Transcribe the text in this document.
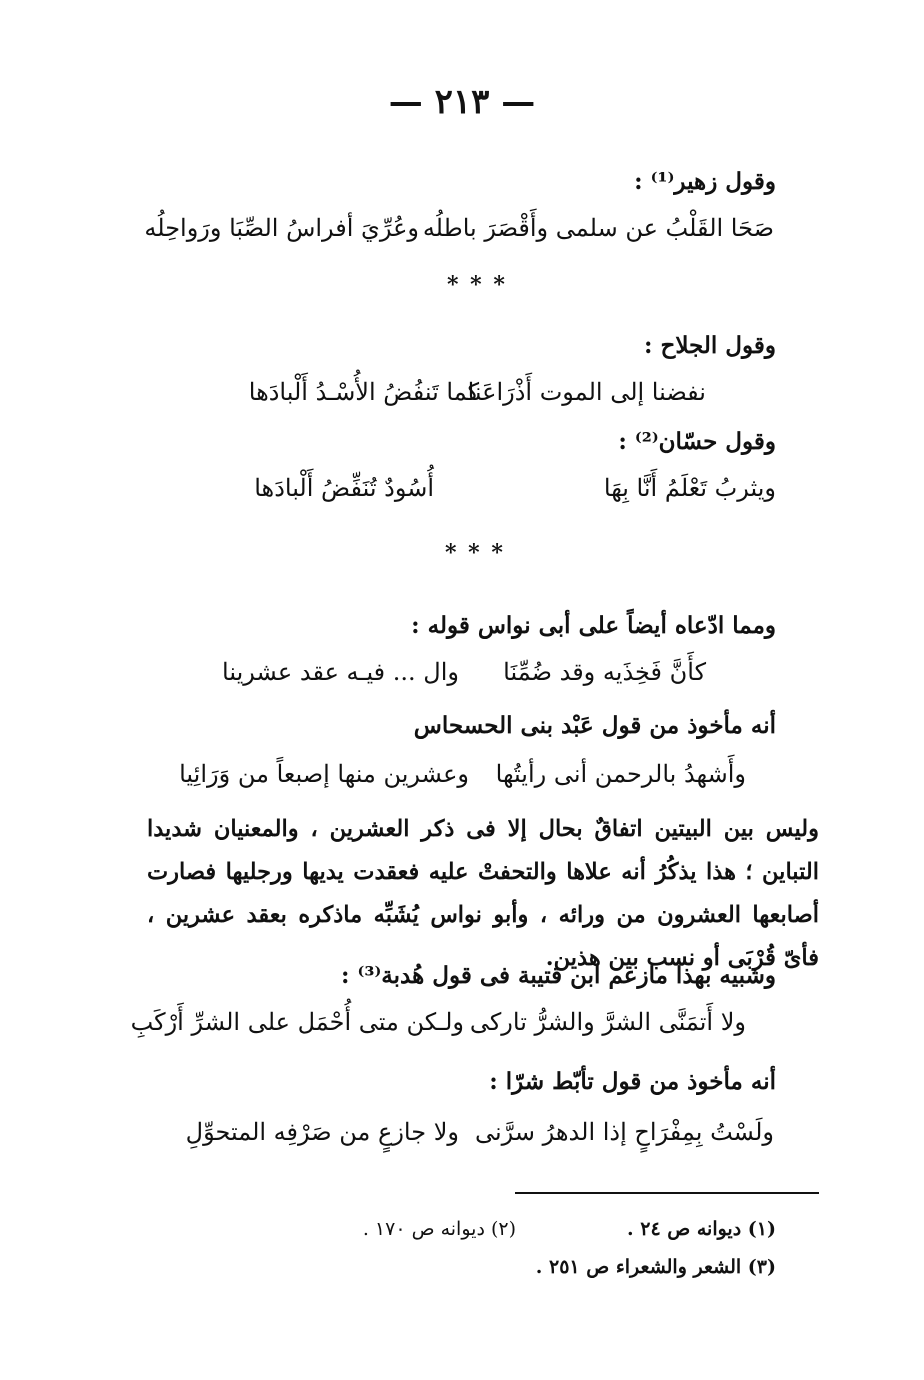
— ٢١٣ —
وقول زهير⁽¹⁾ :
صَحَا القَلْبُ عن سلمى وأَقْصَرَ باطلُه
وعُرِّيَ أفراسُ الصِّبَا ورَواحِلُه
* * *
وقول الجلاح :
نفضنا إلى الموت أَذْرَاعَنا
كما تَنفُضُ الأُسْـدُ أَلْبادَها
وقول حسّان⁽²⁾ :
ويثربُ تَعْلَمُ أَنَّا بِهَا
أُسُودٌ تُنَفِّضُ أَلْبادَها
* * *
ومما ادّعاه أيضاً على أبى نواس قوله :
كأَنَّ فَخِذَيه وقد ضُمِّنَا
وال ... فيـه عقد عشرينا
أنه مأخوذ من قول عَبْد بنى الحسحاس
وأَشهدُ بالرحمن أنى رأيتُها
وعشرين منها إصبعاً من وَرَائِيا
وليس بين البيتين اتفاقٌ بحال إلا فى ذكر العشرين ، والمعنيان شديدا التباين ؛ هذا يذكُرُ أنه علاها والتحفتْ عليه فعقدت يديها ورجليها فصارت أصابعها العشرون من ورائه ، وأبو نواس يُشَبِّه ماذكره بعقد عشرين ، فأىّ قُرْبَى أو نسب بين هذين.
وشبيه بهذا مازعم ابن قتيبة فى قول هُدبة⁽³⁾ :
ولا أَتمَنَّى الشرَّ والشرُّ تاركى
ولـكن متى أُحْمَل على الشرِّ أَرْكَبِ
أنه مأخوذ من قول تأبّط شرّا :
ولَسْتُ بِمِفْرَاحٍ إذا الدهرُ سرَّنى
ولا جازعٍ من صَرْفِه المتحوِّلِ
(١) ديوانه ص ٢٤ .
(٢) ديوانه ص ١٧٠ .
(٣) الشعر والشعراء ص ٢٥١ .
